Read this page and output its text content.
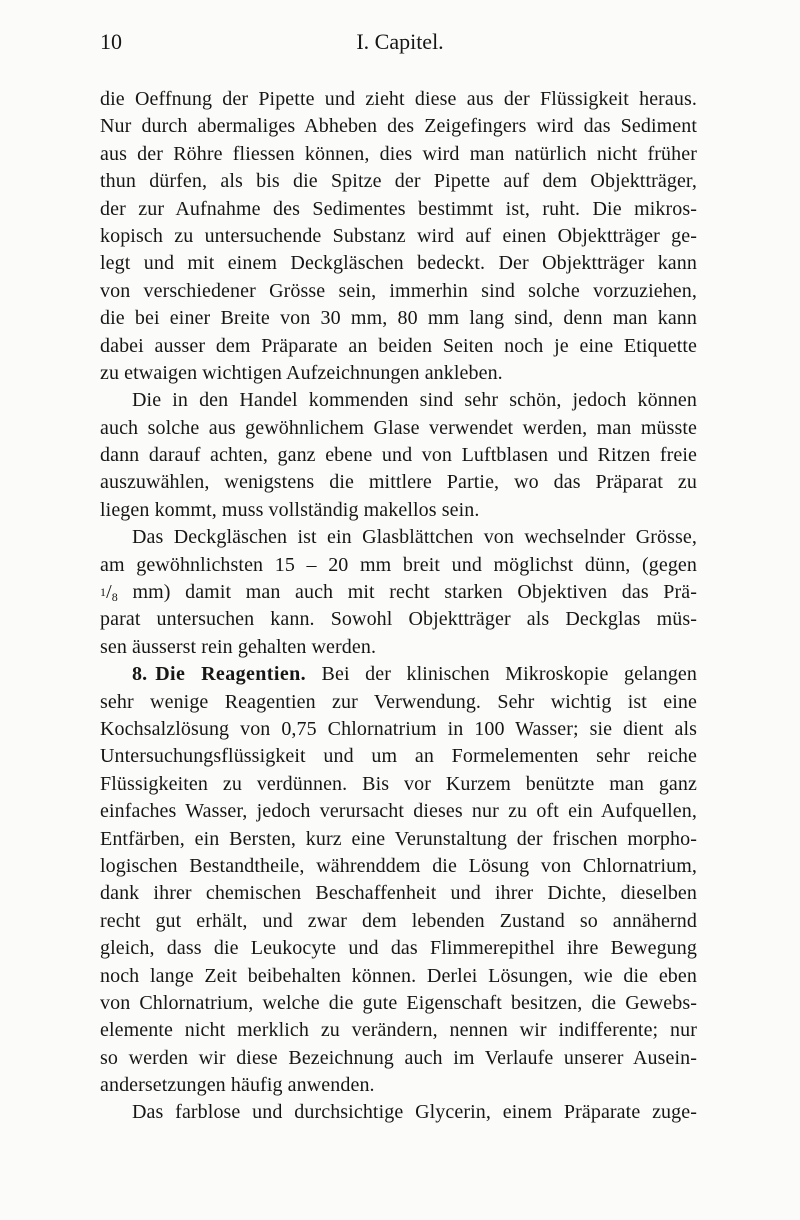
10	I. Capitel.
die Oeffnung der Pipette und zieht diese aus der Flüssigkeit heraus.
Nur durch abermaliges Abheben des Zeigefingers wird das Sediment
aus der Röhre fliessen können, dies wird man natürlich nicht früher
thun dürfen, als bis die Spitze der Pipette auf dem Objektträger,
der zur Aufnahme des Sedimentes bestimmt ist, ruht. Die mikros-
kopisch zu untersuchende Substanz wird auf einen Objektträger ge-
legt und mit einem Deckgläschen bedeckt. Der Objektträger kann
von verschiedener Grösse sein, immerhin sind solche vorzuziehen,
die bei einer Breite von 30 mm, 80 mm lang sind, denn man kann
dabei ausser dem Präparate an beiden Seiten noch je eine Etiquette
zu etwaigen wichtigen Aufzeichnungen ankleben.
Die in den Handel kommenden sind sehr schön, jedoch können
auch solche aus gewöhnlichem Glase verwendet werden, man müsste
dann darauf achten, ganz ebene und von Luftblasen und Ritzen freie
auszuwählen, wenigstens die mittlere Partie, wo das Präparat zu
liegen kommt, muss vollständig makellos sein.
Das Deckgläschen ist ein Glasblättchen von wechselnder Grösse,
am gewöhnlichsten 15 – 20 mm breit und möglichst dünn, (gegen
$^1/_8$ mm) damit man auch mit recht starken Objektiven das Prä-
parat untersuchen kann. Sowohl Objektträger als Deckglas müs-
sen äusserst rein gehalten werden.
8. Die Reagentien. Bei der klinischen Mikroskopie gelangen
sehr wenige Reagentien zur Verwendung. Sehr wichtig ist eine
Kochsalzlösung von 0,75 Chlornatrium in 100 Wasser; sie dient als
Untersuchungsflüssigkeit und um an Formelementen sehr reiche
Flüssigkeiten zu verdünnen. Bis vor Kurzem benützte man ganz
einfaches Wasser, jedoch verursacht dieses nur zu oft ein Aufquellen,
Entfärben, ein Bersten, kurz eine Verunstaltung der frischen morpho-
logischen Bestandtheile, währenddem die Lösung von Chlornatrium,
dank ihrer chemischen Beschaffenheit und ihrer Dichte, dieselben
recht gut erhält, und zwar dem lebenden Zustand so annähernd
gleich, dass die Leukocyte und das Flimmerepithel ihre Bewegung
noch lange Zeit beibehalten können. Derlei Lösungen, wie die eben
von Chlornatrium, welche die gute Eigenschaft besitzen, die Gewebs-
elemente nicht merklich zu verändern, nennen wir indifferente; nur
so werden wir diese Bezeichnung auch im Verlaufe unserer Ausein-
andersetzungen häufig anwenden.
Das farblose und durchsichtige Glycerin, einem Präparate zuge-
